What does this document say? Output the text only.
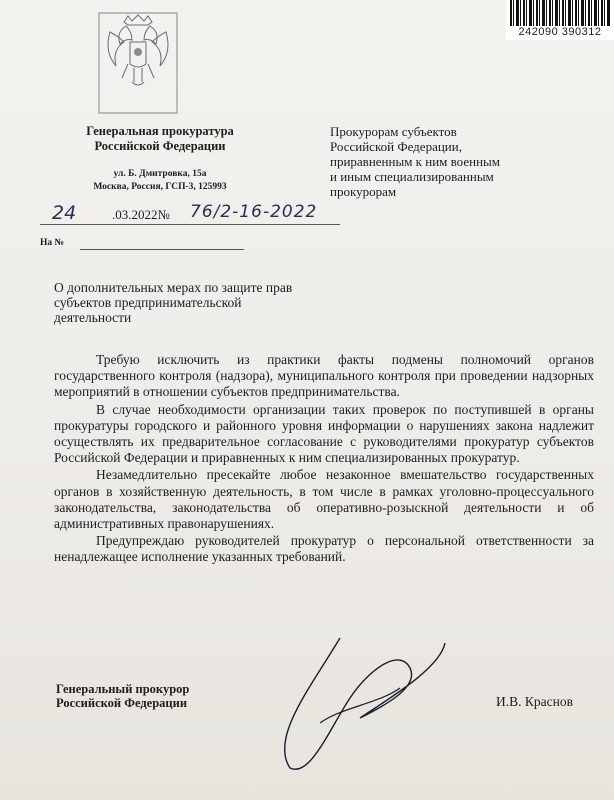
242090 390312
Генеральная прокуратура
Российской Федерации
ул. Б. Дмитровка, 15а
Москва, Россия, ГСП-3, 125993
Прокурорам субъектов
Российской Федерации,
приравненным к ним военным
и иным специализированным
прокурорам
24	.03.2022№ 76/2-16-2022
На №
О дополнительных мерах по защите прав
субъектов предпринимательской
деятельности

Требую исключить из практики факты подмены полномочий органов государственного контроля (надзора), муниципального контроля при проведении надзорных мероприятий в отношении субъектов предпринимательства.

В случае необходимости организации таких проверок по поступившей в органы прокуратуры городского и районного уровня информации о нарушениях закона надлежит осуществлять их предварительное согласование с руководителями прокуратур субъектов Российской Федерации и приравненных к ним специализированных прокуратур.

Незамедлительно пресекайте любое незаконное вмешательство государственных органов в хозяйственную деятельность, в том числе в рамках уголовно-процессуального законодательства, законодательства об оперативно-розыскной деятельности и об административных правонарушениях.

Предупреждаю руководителей прокуратур о персональной ответственности за ненадлежащее исполнение указанных требований.

Генеральный прокурор
Российской Федерации	И.В. Краснов
